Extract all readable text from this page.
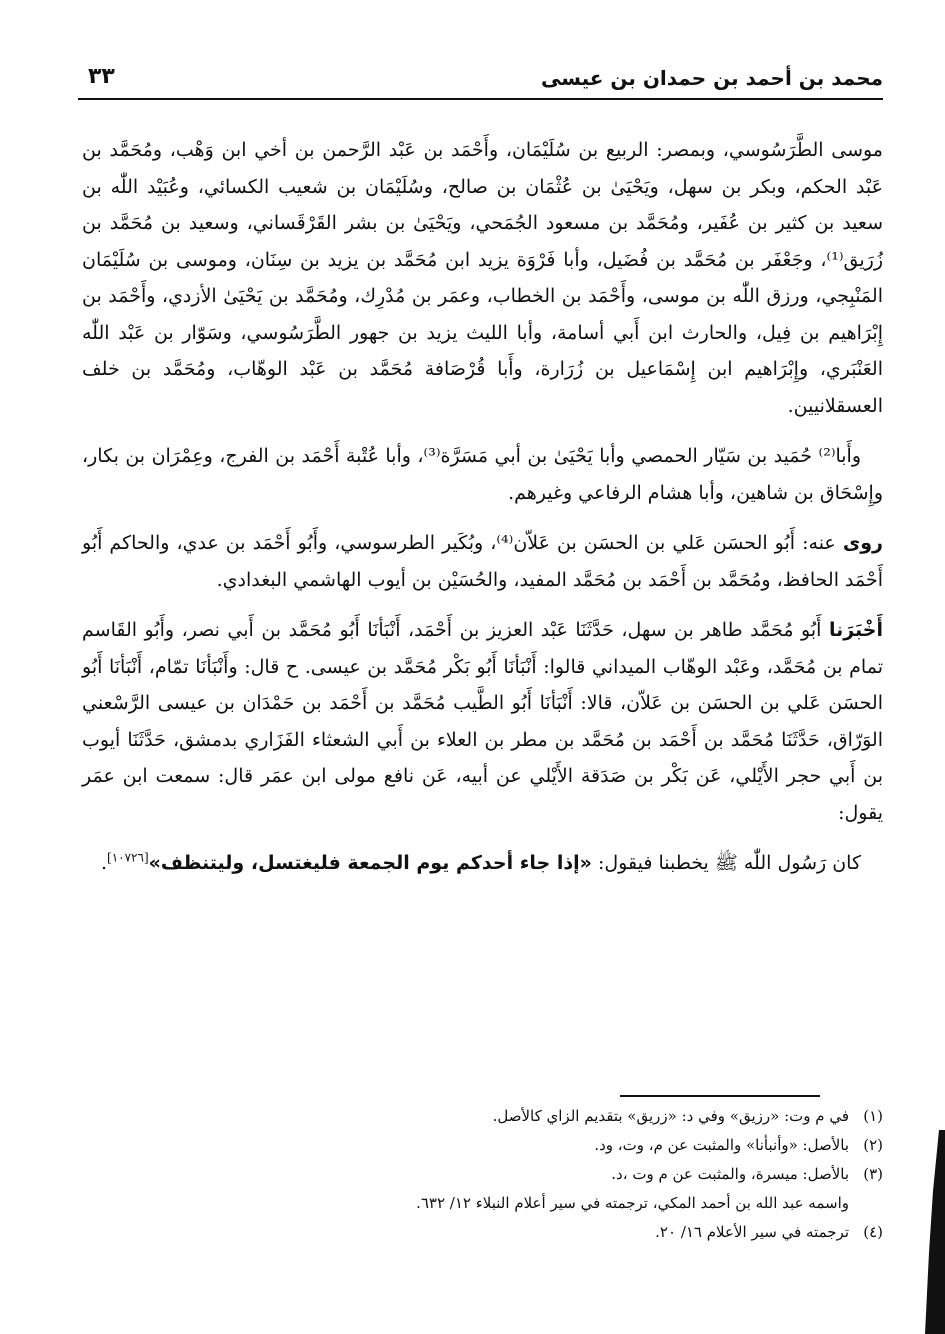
محمد بن أحمد بن حمدان بن عيسى
٣٣

موسى الطَّرَسُوسي، وبمصر: الربيع بن سُلَيْمَان، وأَحْمَد بن عَبْد الرَّحمن بن أخي ابن وَهْب، ومُحَمَّد بن عَبْد الحكم، وبكر بن سهل، ويَحْيَىٰ بن عُثْمَان بن صالح، وسُلَيْمَان بن شعيب الكسائي، وعُبَيْد اللّٰه بن سعيد بن كثير بن عُفَير، ومُحَمَّد بن مسعود الجُمَحي، ويَحْيَىٰ بن بشر القَرْقَساني، وسعيد بن مُحَمَّد بن زُرَيق⁽¹⁾، وجَعْفَر بن مُحَمَّد بن فُضَيل، وأبا فَرْوَة يزيد ابن مُحَمَّد بن يزيد بن سِنَان، وموسى بن سُلَيْمَان المَنْبِجي، ورزق اللّٰه بن موسى، وأَحْمَد بن الخطاب، وعمَر بن مُدْرِك، ومُحَمَّد بن يَحْيَىٰ الأزدي، وأَحْمَد بن إِبْرَاهيم بن فِيل، والحارث ابن أَبي أسامة، وأبا الليث يزيد بن جهور الطَّرَسُوسي، وسَوّار بن عَبْد اللّٰه العَنْبَري، وإِبْرَاهيم ابن إِسْمَاعيل بن زُرَارة، وأَبا قُرْصَافة مُحَمَّد بن عَبْد الوهّاب، ومُحَمَّد بن خلف العسقلانيين.

وأَبا⁽²⁾ حُمَيد بن سَيّار الحمصي وأبا يَحْيَىٰ بن أبي مَسَرَّة⁽³⁾، وأبا عُتْبة أَحْمَد بن الفرج، وعِمْرَان بن بكار، وإِسْحَاق بن شاهين، وأبا هشام الرفاعي وغيرهم.

روى عنه: أَبُو الحسَن عَلي بن الحسَن بن عَلاّن⁽⁴⁾، وبُكَير الطرسوسي، وأَبُو أَحْمَد بن عدي، والحاكم أَبُو أَحْمَد الحافظ، ومُحَمَّد بن أَحْمَد بن مُحَمَّد المفيد، والحُسَيْن بن أيوب الهاشمي البغدادي.

أَخْبَرَنا أَبُو مُحَمَّد طاهر بن سهل، حَدَّثَنَا عَبْد العزيز بن أَحْمَد، أَنْبَأنَا أَبُو مُحَمَّد بن أَبي نصر، وأَبُو القَاسم تمام بن مُحَمَّد، وعَبْد الوهّاب الميداني قالوا: أَنْبَأنَا أَبُو بَكْر مُحَمَّد بن عيسى. ح قال: وأَنْبَأنَا تمّام، أَنْبَأنَا أَبُو الحسَن عَلي بن الحسَن بن عَلاّن، قالا: أَنْبَأنَا أَبُو الطَّيب مُحَمَّد بن أَحْمَد بن حَمْدَان بن عيسى الرَّسْعني الوَرّاق، حَدَّثَنَا مُحَمَّد بن أَحْمَد بن مُحَمَّد بن مطر بن العلاء بن أَبي الشعثاء الفَزَاري بدمشق، حَدَّثَنَا أيوب بن أَبي حجر الأَيْلي، عَن بَكْر بن صَدَقة الأَيْلي عن أبيه، عَن نافع مولى ابن عمَر قال: سمعت ابن عمَر يقول:

كان رَسُول اللّٰه ﷺ يخطبنا فيقول: «إذا جاء أحدكم يوم الجمعة فليغتسل، وليتنظف»[١٠٧٢٦].

(١)في م وت: «رزيق» وفي د: «زريق» بتقديم الزاي كالأصل.
(٢)بالأصل: «وأنبأنا» والمثبت عن م، وت، ود.
(٣)بالأصل: ميسرة، والمثبت عن م وت ،د.
واسمه عبد الله بن أحمد المكي، ترجمته في سير أعلام النبلاء ١٢/ ٦٣٢.
(٤)ترجمته في سير الأعلام ١٦/ ٢٠.
